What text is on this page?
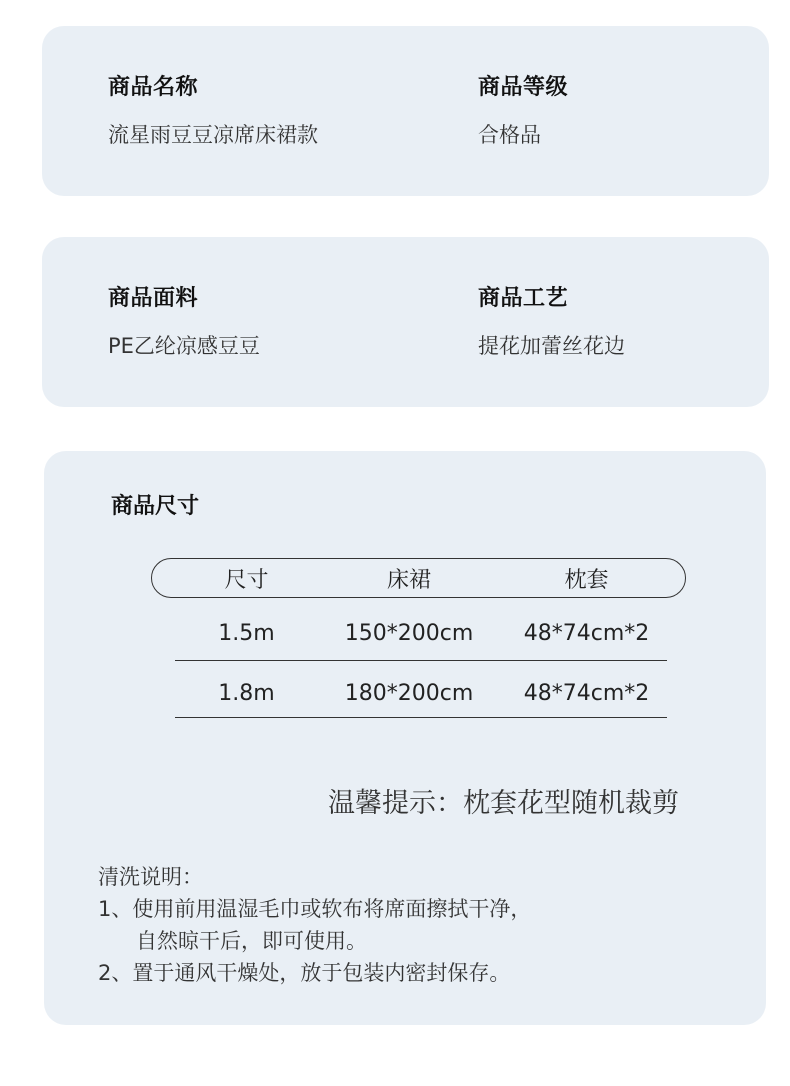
商品名称
流星雨豆豆凉席床裙款
商品等级
合格品
商品面料
PE乙纶凉感豆豆
商品工艺
提花加蕾丝花边
商品尺寸
尺寸	床裙	枕套
1.5m	150*200cm	48*74cm*2
1.8m	180*200cm	48*74cm*2
温馨提示：枕套花型随机裁剪
清洗说明：
1、使用前用温湿毛巾或软布将席面擦拭干净，
自然晾干后，即可使用。
2、置于通风干燥处，放于包装内密封保存。
